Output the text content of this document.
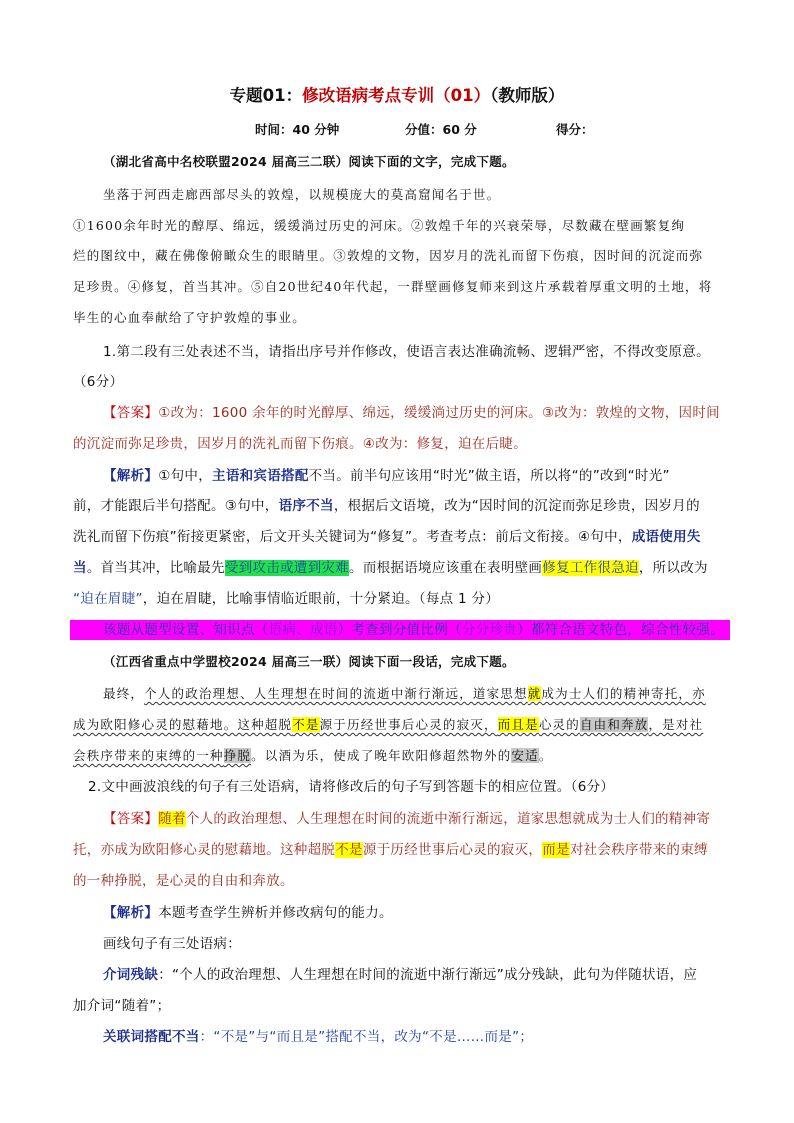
专题01：修改语病考点专训（01）（教师版）
时间：40 分钟	分值：60 分	得分：
（湖北省高中名校联盟2024 届高三二联）阅读下面的文字，完成下题。
坐落于河西走廊西部尽头的敦煌，以规模庞大的莫高窟闻名于世。
①1600余年时光的醇厚、绵远，缓缓淌过历史的河床。②敦煌千年的兴衰荣辱，尽数藏在壁画繁复绚
烂的图纹中，藏在佛像俯瞰众生的眼睛里。③敦煌的文物，因岁月的洗礼而留下伤痕，因时间的沉淀而弥
足珍贵。④修复，首当其冲。⑤自20世纪40年代起，一群壁画修复师来到这片承载着厚重文明的土地，将
毕生的心血奉献给了守护敦煌的事业。
1.第二段有三处表述不当，请指出序号并作修改，使语言表达准确流畅、逻辑严密，不得改变原意。
（6分）
【答案】①改为：1600 余年的时光醇厚、绵远，缓缓淌过历史的河床。③改为：敦煌的文物，因时间
的沉淀而弥足珍贵，因岁月的洗礼而留下伤痕。④改为：修复，迫在后睫。
【解析】①句中，主语和宾语搭配不当。前半句应该用“时光”做主语，所以将“的”改到“时光”
前，才能跟后半句搭配。③句中，语序不当，根据后文语境，改为“因时间的沉淀而弥足珍贵，因岁月的
洗礼而留下伤痕”衔接更紧密，后文开头关键词为“修复”。考查考点：前后文衔接。④句中，成语使用失
当。首当其冲，比喻最先受到攻击或遭到灾难。而根据语境应该重在表明壁画修复工作很急迫，所以改为
“迫在眉睫”，迫在眉睫，比喻事情临近眼前，十分紧迫。（每点 1 分）
该题从题型设置、知识点（语病、成语）考查到分值比例（分分珍贵）都符合语文特色，综合性较强。
（江西省重点中学盟校2024 届高三一联）阅读下面一段话，完成下题。
最终，个人的政治理想、人生理想在时间的流逝中渐行渐远，道家思想就成为士人们的精神寄托，亦
成为欧阳修心灵的慰藉地。这种超脱不是源于历经世事后心灵的寂灭，而且是心灵的自由和奔放，是对社
会秩序带来的束缚的一种挣脱。以酒为乐，使成了晚年欧阳修超然物外的安适。
2.文中画波浪线的句子有三处语病，请将修改后的句子写到答题卡的相应位置。（6分）
【答案】随着个人的政治理想、人生理想在时间的流逝中渐行渐远，道家思想就成为士人们的精神寄
托，亦成为欧阳修心灵的慰藉地。这种超脱不是源于历经世事后心灵的寂灭，而是对社会秩序带来的束缚
的一种挣脱，是心灵的自由和奔放。
【解析】本题考查学生辨析并修改病句的能力。
画线句子有三处语病：
介词残缺：“个人的政治理想、人生理想在时间的流逝中渐行渐远”成分残缺，此句为伴随状语，应
加介词“随着”；
关联词搭配不当：“不是”与“而且是”搭配不当，改为“不是……而是”；
